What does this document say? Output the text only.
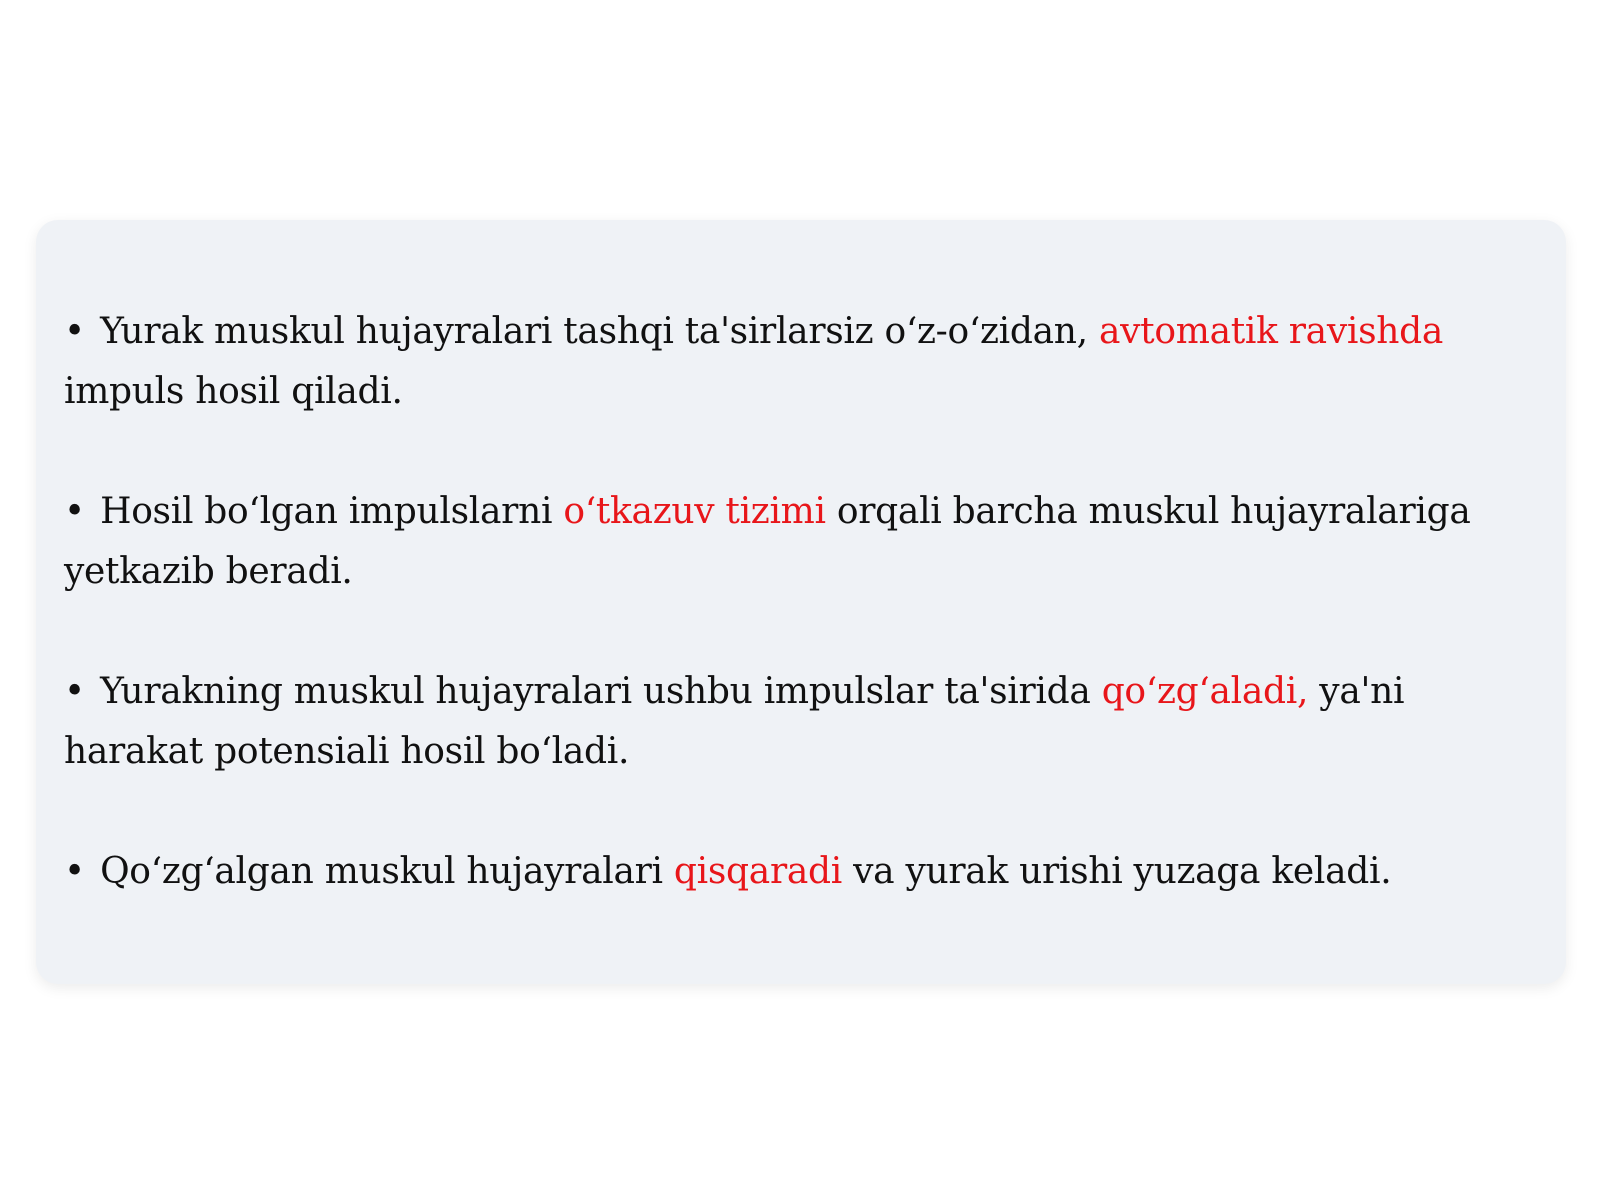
• Yurak muskul hujayralari tashqi ta'sirlarsiz o‘z-o‘zidan, avtomatik ravishda impuls hosil qiladi.

• Hosil bo‘lgan impulslarni o‘tkazuv tizimi orqali barcha muskul hujayralariga yetkazib beradi.

• Yurakning muskul hujayralari ushbu impulslar ta'sirida qo‘zg‘aladi, ya'ni harakat potensiali hosil bo‘ladi.

• Qo‘zg‘algan muskul hujayralari qisqaradi va yurak urishi yuzaga keladi.
